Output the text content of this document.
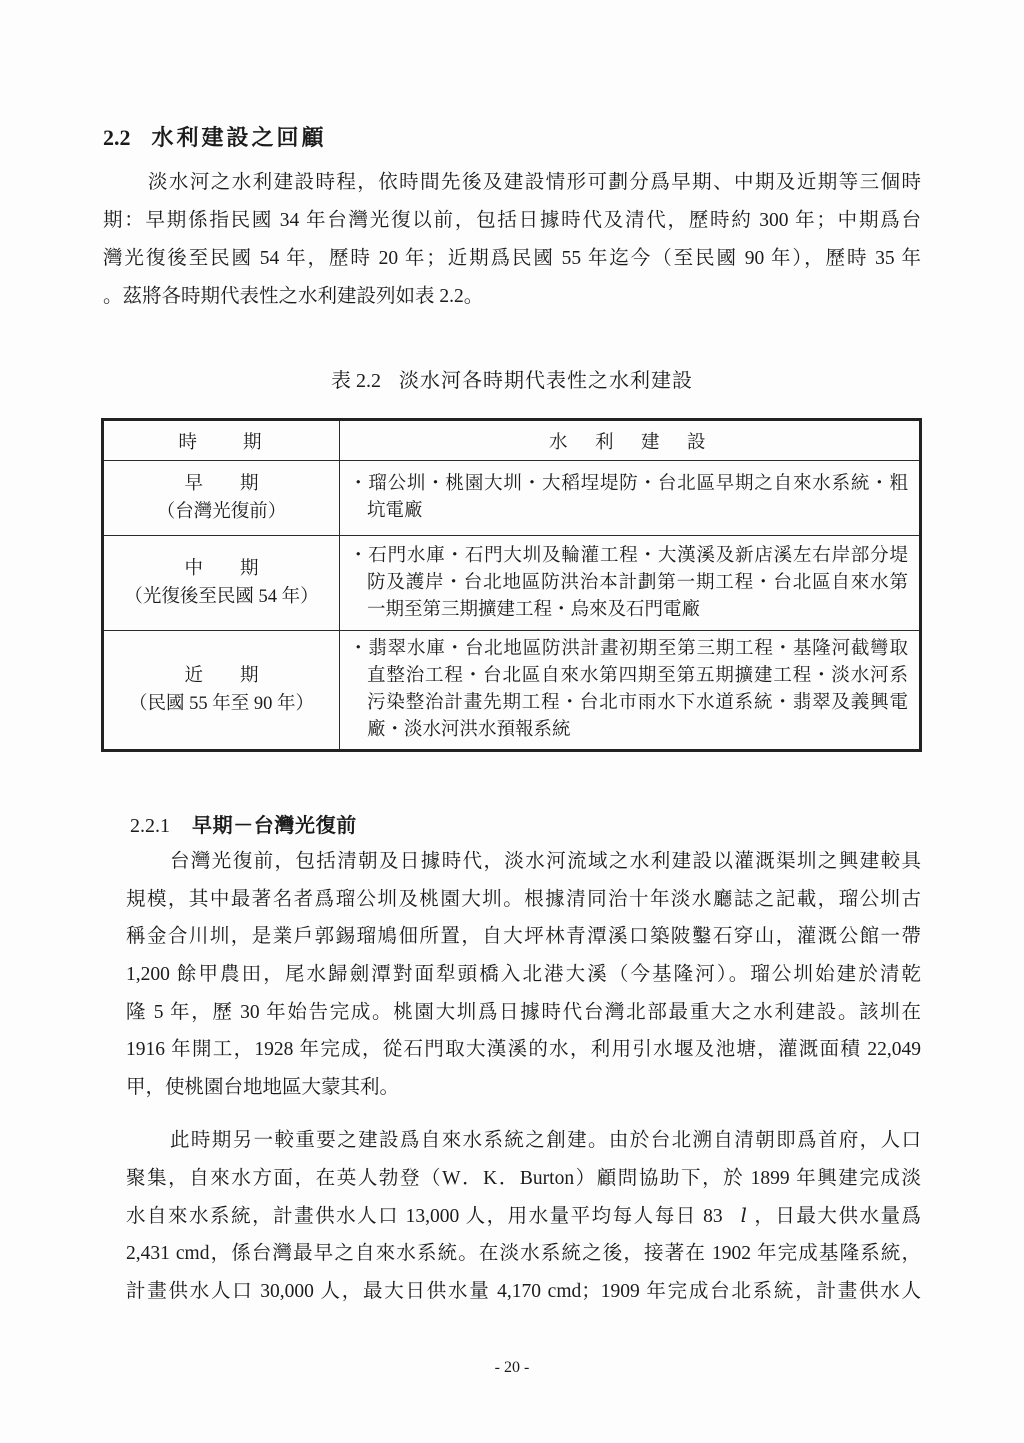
2.2 水利建設之回顧
淡水河之水利建設時程，依時間先後及建設情形可劃分爲早期、中期及近期等三個時
期：早期係指民國 34 年台灣光復以前，包括日據時代及清代，歷時約 300 年；中期爲台
灣光復後至民國 54 年，歷時 20 年；近期爲民國 55 年迄今（至民國 90 年），歷時 35 年
。茲將各時期代表性之水利建設列如表 2.2。
表 2.2 淡水河各時期代表性之水利建設
時　　期	水　利　建　設
早　　期
（台灣光復前）
・瑠公圳・桃園大圳・大稻埕堤防・台北區早期之自來水系統・粗
坑電廠
中　　期
（光復後至民國 54 年）
・石門水庫・石門大圳及輪灌工程・大漢溪及新店溪左右岸部分堤
防及護岸・台北地區防洪治本計劃第一期工程・台北區自來水第
一期至第三期擴建工程・烏來及石門電廠
近　　期
（民國 55 年至 90 年）
・翡翠水庫・台北地區防洪計畫初期至第三期工程・基隆河截彎取
直整治工程・台北區自來水第四期至第五期擴建工程・淡水河系
污染整治計畫先期工程・台北市雨水下水道系統・翡翠及義興電
廠・淡水河洪水預報系統
2.2.1 早期－台灣光復前
台灣光復前，包括清朝及日據時代，淡水河流域之水利建設以灌溉渠圳之興建較具
規模，其中最著名者爲瑠公圳及桃園大圳。根據清同治十年淡水廳誌之記載，瑠公圳古
稱金合川圳，是業戶郭錫瑠鳩佃所置，自大坪林青潭溪口築陂鑿石穿山，灌溉公館一帶
1,200 餘甲農田，尾水歸劍潭對面犁頭橋入北港大溪（今基隆河）。瑠公圳始建於清乾
隆 5 年，歷 30 年始告完成。桃園大圳爲日據時代台灣北部最重大之水利建設。該圳在
1916 年開工，1928 年完成，從石門取大漢溪的水，利用引水堰及池塘，灌溉面積 22,049
甲，使桃園台地地區大蒙其利。
此時期另一較重要之建設爲自來水系統之創建。由於台北溯自清朝即爲首府，人口
聚集，自來水方面，在英人勃登（W．K．Burton）顧問協助下，於 1899 年興建完成淡
水自來水系統，計畫供水人口 13,000 人，用水量平均每人每日 83 l ，日最大供水量爲
2,431 cmd，係台灣最早之自來水系統。在淡水系統之後，接著在 1902 年完成基隆系統，
計畫供水人口 30,000 人，最大日供水量 4,170 cmd；1909 年完成台北系統，計畫供水人
- 20 -
